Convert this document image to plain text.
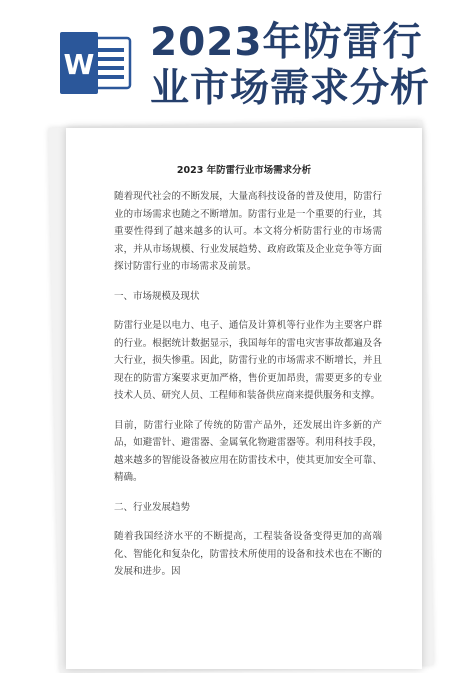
W 2023年防雷行
业市场需求分析
2023 年防雷行业市场需求分析

随着现代社会的不断发展，大量高科技设备的普及使用，防雷行业的市场需求也随之不断增加。防雷行业是一个重要的行业，其重要性得到了越来越多的认可。本文将分析防雷行业的市场需求，并从市场规模、行业发展趋势、政府政策及企业竞争等方面探讨防雷行业的市场需求及前景。

一、市场规模及现状

防雷行业是以电力、电子、通信及计算机等行业作为主要客户群的行业。根据统计数据显示，我国每年的雷电灾害事故都遍及各大行业，损失惨重。因此，防雷行业的市场需求不断增长，并且现在的防雷方案要求更加严格，售价更加昂贵，需要更多的专业技术人员、研究人员、工程师和装备供应商来提供服务和支撑。

目前，防雷行业除了传统的防雷产品外，还发展出许多新的产品，如避雷针、避雷器、金属氧化物避雷器等。利用科技手段，越来越多的智能设备被应用在防雷技术中，使其更加安全可靠、精确。

二、行业发展趋势

随着我国经济水平的不断提高，工程装备设备变得更加的高端化、智能化和复杂化，防雷技术所使用的设备和技术也在不断的发展和进步。因
